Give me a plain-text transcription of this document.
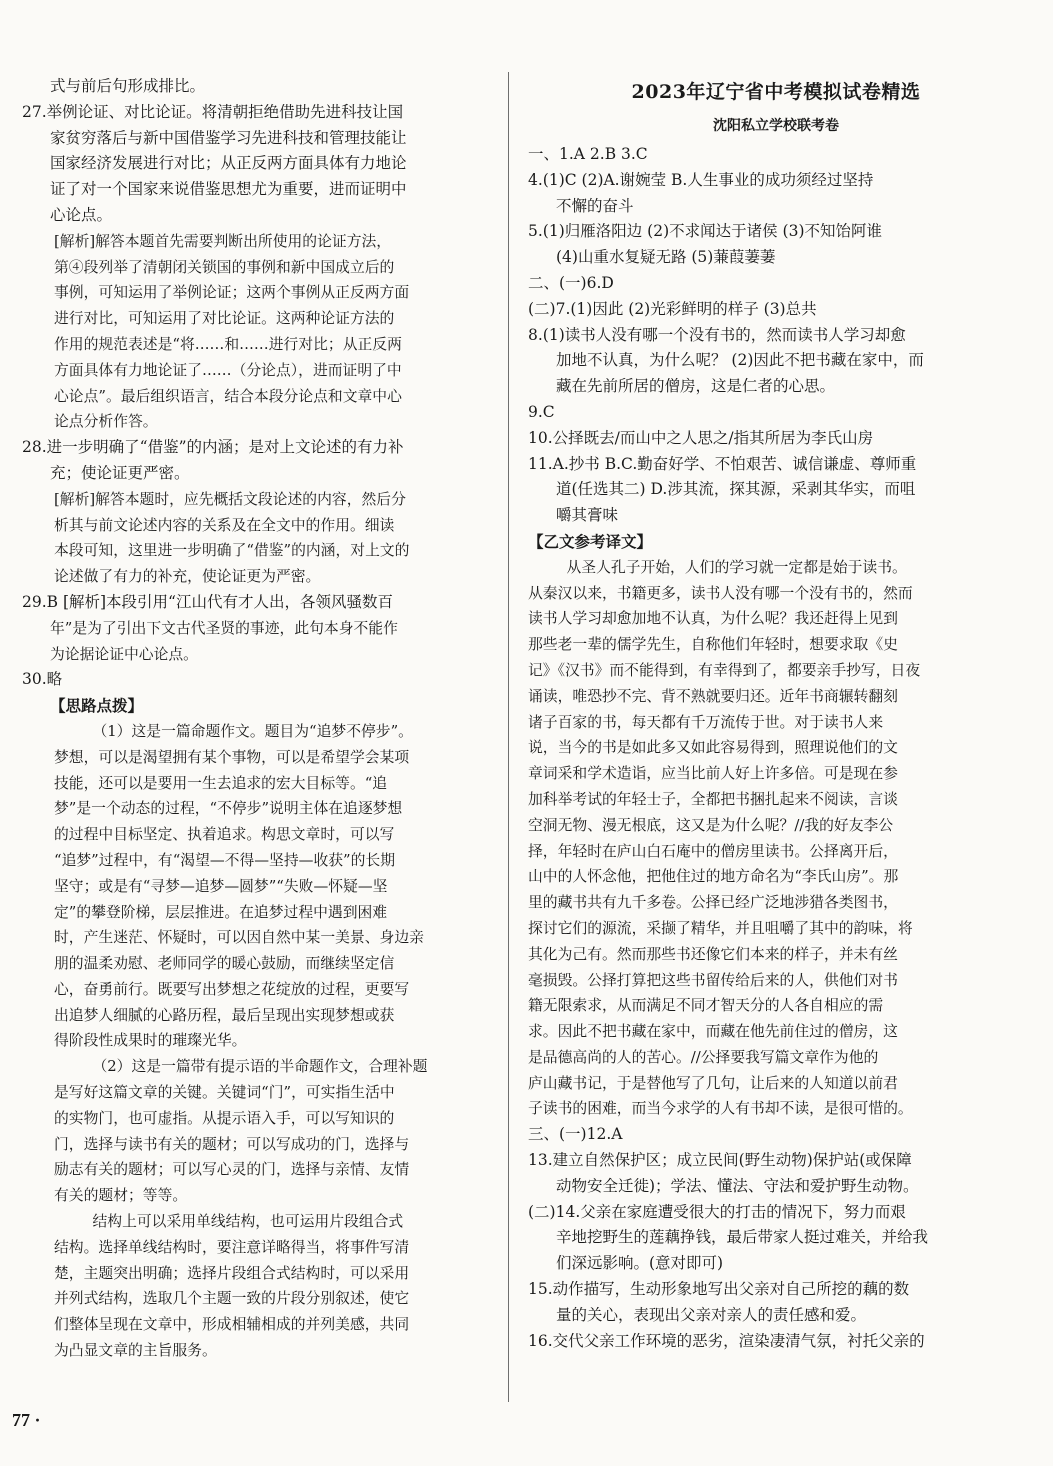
式与前后句形成排比。
27.举例论证、对比论证。将清朝拒绝借助先进科技让国
家贫穷落后与新中国借鉴学习先进科技和管理技能让
国家经济发展进行对比；从正反两方面具体有力地论
证了对一个国家来说借鉴思想尤为重要，进而证明中
心论点。
[解析]解答本题首先需要判断出所使用的论证方法，
第④段列举了清朝闭关锁国的事例和新中国成立后的
事例，可知运用了举例论证；这两个事例从正反两方面
进行对比，可知运用了对比论证。这两种论证方法的
作用的规范表述是“将……和……进行对比；从正反两
方面具体有力地论证了……（分论点），进而证明了中
心论点”。最后组织语言，结合本段分论点和文章中心
论点分析作答。
28.进一步明确了“借鉴”的内涵；是对上文论述的有力补
充；使论证更严密。
[解析]解答本题时，应先概括文段论述的内容，然后分
析其与前文论述内容的关系及在全文中的作用。细读
本段可知，这里进一步明确了“借鉴”的内涵，对上文的
论述做了有力的补充，使论证更为严密。
29.B [解析]本段引用“江山代有才人出，各领风骚数百
年”是为了引出下文古代圣贤的事迹，此句本身不能作
为论据论证中心论点。
30.略
【思路点拨】
（1）这是一篇命题作文。题目为“追梦不停步”。
梦想，可以是渴望拥有某个事物，可以是希望学会某项
技能，还可以是要用一生去追求的宏大目标等。“追
梦”是一个动态的过程，“不停步”说明主体在追逐梦想
的过程中目标坚定、执着追求。构思文章时，可以写
“追梦”过程中，有“渴望—不得—坚持—收获”的长期
坚守；或是有“寻梦—追梦—圆梦”“失败—怀疑—坚
定”的攀登阶梯，层层推进。在追梦过程中遇到困难
时，产生迷茫、怀疑时，可以因自然中某一美景、身边亲
朋的温柔劝慰、老师同学的暖心鼓励，而继续坚定信
心，奋勇前行。既要写出梦想之花绽放的过程，更要写
出追梦人细腻的心路历程，最后呈现出实现梦想或获
得阶段性成果时的璀璨光华。
（2）这是一篇带有提示语的半命题作文，合理补题
是写好这篇文章的关键。关键词“门”，可实指生活中
的实物门，也可虚指。从提示语入手，可以写知识的
门，选择与读书有关的题材；可以写成功的门，选择与
励志有关的题材；可以写心灵的门，选择与亲情、友情
有关的题材；等等。
结构上可以采用单线结构，也可运用片段组合式
结构。选择单线结构时，要注意详略得当，将事件写清
楚，主题突出明确；选择片段组合式结构时，可以采用
并列式结构，选取几个主题一致的片段分别叙述，使它
们整体呈现在文章中，形成相辅相成的并列美感，共同
为凸显文章的主旨服务。
2023年辽宁省中考模拟试卷精选
沈阳私立学校联考卷
一、1.A 2.B 3.C
4.(1)C (2)A.谢婉莹 B.人生事业的成功须经过坚持
不懈的奋斗
5.(1)归雁洛阳边 (2)不求闻达于诸侯 (3)不知饴阿谁
(4)山重水复疑无路 (5)蒹葭萋萋
二、(一)6.D
(二)7.(1)因此 (2)光彩鲜明的样子 (3)总共
8.(1)读书人没有哪一个没有书的，然而读书人学习却愈
加地不认真，为什么呢？ (2)因此不把书藏在家中，而
藏在先前所居的僧房，这是仁者的心思。
9.C
10.公择既去/而山中之人思之/指其所居为李氏山房
11.A.抄书 B.C.勤奋好学、不怕艰苦、诚信谦虚、尊师重
道(任选其二) D.涉其流，探其源，采剥其华实，而咀
嚼其膏味
【乙文参考译文】
从圣人孔子开始，人们的学习就一定都是始于读书。
从秦汉以来，书籍更多，读书人没有哪一个没有书的，然而
读书人学习却愈加地不认真，为什么呢？我还赶得上见到
那些老一辈的儒学先生，自称他们年轻时，想要求取《史
记》《汉书》而不能得到，有幸得到了，都要亲手抄写，日夜
诵读，唯恐抄不完、背不熟就要归还。近年书商辗转翻刻
诸子百家的书，每天都有千万流传于世。对于读书人来
说，当今的书是如此多又如此容易得到，照理说他们的文
章词采和学术造诣，应当比前人好上许多倍。可是现在参
加科举考试的年轻士子，全都把书捆扎起来不阅读，言谈
空洞无物、漫无根底，这又是为什么呢？//我的好友李公
择，年轻时在庐山白石庵中的僧房里读书。公择离开后，
山中的人怀念他，把他住过的地方命名为“李氏山房”。那
里的藏书共有九千多卷。公择已经广泛地涉猎各类图书，
探讨它们的源流，采撷了精华，并且咀嚼了其中的韵味，将
其化为己有。然而那些书还像它们本来的样子，并未有丝
毫损毁。公择打算把这些书留传给后来的人，供他们对书
籍无限索求，从而满足不同才智天分的人各自相应的需
求。因此不把书藏在家中，而藏在他先前住过的僧房，这
是品德高尚的人的苦心。//公择要我写篇文章作为他的
庐山藏书记，于是替他写了几句，让后来的人知道以前君
子读书的困难，而当今求学的人有书却不读，是很可惜的。
三、(一)12.A
13.建立自然保护区；成立民间(野生动物)保护站(或保障
动物安全迁徙)；学法、懂法、守法和爱护野生动物。
(二)14.父亲在家庭遭受很大的打击的情况下，努力而艰
辛地挖野生的莲藕挣钱，最后带家人挺过难关，并给我
们深远影响。(意对即可)
15.动作描写，生动形象地写出父亲对自己所挖的藕的数
量的关心，表现出父亲对亲人的责任感和爱。
16.交代父亲工作环境的恶劣，渲染凄清气氛，衬托父亲的
77 ·
